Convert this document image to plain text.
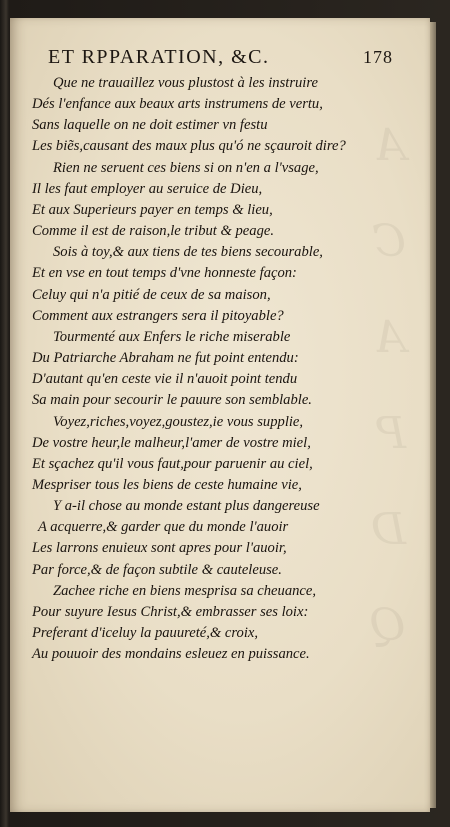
A
C
A
P
D
Q
ET RPPARATION, &C.	178
Que ne trauaillez vous plustost à les instruire
Dés l'enfance aux beaux arts instrumens de vertu,
Sans laquelle on ne doit estimer vn festu
Les biẽs,causant des maux plus qu'ó ne sçauroit dire?
Rien ne seruent ces biens si on n'en a l'vsage,
Il les faut employer au seruice de Dieu,
Et aux Superieurs payer en temps & lieu,
Comme il est de raison,le tribut & peage.
Sois à toy,& aux tiens de tes biens secourable,
Et en vse en tout temps d'vne honneste façon:
Celuy qui n'a pitié de ceux de sa maison,
Comment aux estrangers sera il pitoyable?
Tourmenté aux Enfers le riche miserable
Du Patriarche Abraham ne fut point entendu:
D'autant qu'en ceste vie il n'auoit point tendu
Sa main pour secourir le pauure son semblable.
Voyez,riches,voyez,goustez,ie vous supplie,
De vostre heur,le malheur,l'amer de vostre miel,
Et sçachez qu'il vous faut,pour paruenir au ciel,
Mespriser tous les biens de ceste humaine vie,
Y a-il chose au monde estant plus dangereuse
A acquerre,& garder que du monde l'auoir
Les larrons enuieux sont apres pour l'auoir,
Par force,& de façon subtile & cauteleuse.
Zachee riche en biens mesprisa sa cheuance,
Pour suyure Iesus Christ,& embrasser ses loix:
Preferant d'iceluy la pauureté,& croix,
Au pouuoir des mondains esleuez en puissance.
